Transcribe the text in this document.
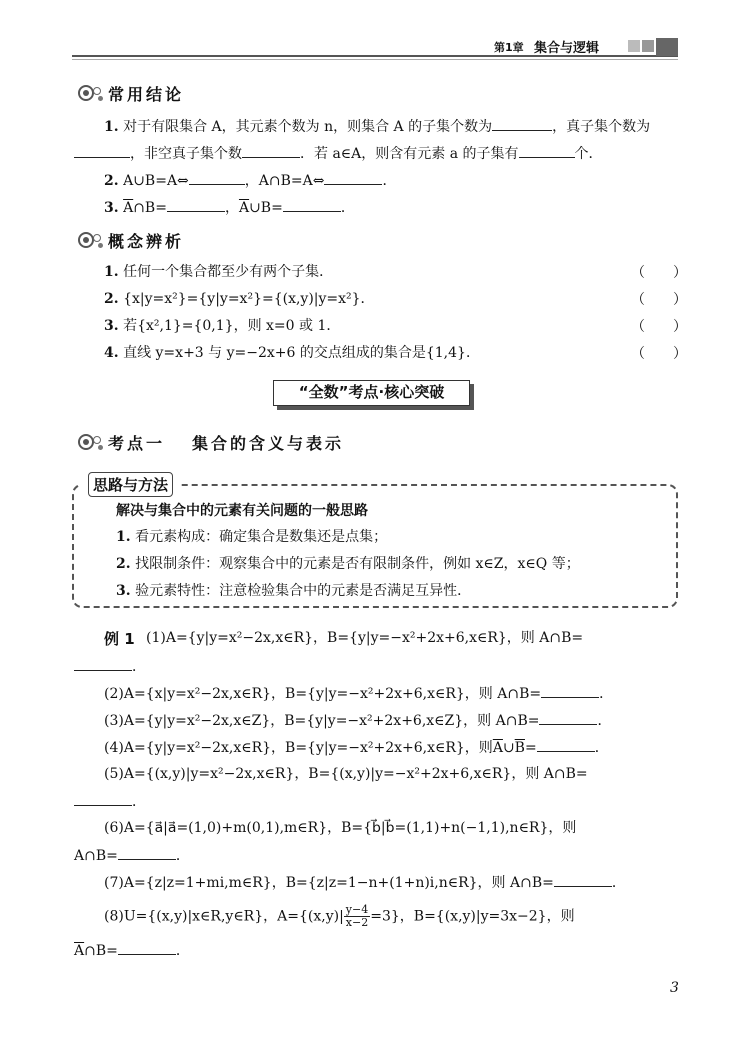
第1章 集合与逻辑
常用结论
1. 对于有限集合 A，其元素个数为 n，则集合 A 的子集个数为	，真子集个数为
，非空真子集个数	．若 a∈A，则含有元素 a 的子集有	个．
2. A∪B=A⇔	，A∩B=A⇔	．
3. $\overline{A}\cap B=$	，$\overline{A}\cup B=$	．
概念辨析
1. 任何一个集合都至少有两个子集．	（　　）
2. {x|y=x²}={y|y=x²}={(x,y)|y=x²}．	（　　）
3. 若{x²,1}={0,1}，则 x=0 或 1．	（　　）
4. 直线 y=x+3 与 y=−2x+6 的交点组成的集合是{1,4}．	（　　）
“全数”考点·核心突破
考点一 集合的含义与表示
思路与方法
解决与集合中的元素有关问题的一般思路
1. 看元素构成：确定集合是数集还是点集；
2. 找限制条件：观察集合中的元素是否有限制条件，例如 x∈Z，x∈Q 等；
3. 验元素特性：注意检验集合中的元素是否满足互异性．
例 1 (1)A={y|y=x²−2x,x∈R}，B={y|y=−x²+2x+6,x∈R}，则 A∩B=
．
(2)A={x|y=x²−2x,x∈R}，B={y|y=−x²+2x+6,x∈R}，则 A∩B=	．
(3)A={y|y=x²−2x,x∈Z}，B={y|y=−x²+2x+6,x∈Z}，则 A∩B=	．
(4)A={y|y=x²−2x,x∈R}，B={y|y=−x²+2x+6,x∈R}，则$\overline{A}\cup\overline{B}=$	．
(5)A={(x,y)|y=x²−2x,x∈R}，B={(x,y)|y=−x²+2x+6,x∈R}，则 A∩B=
．
(6)A={a⃗|a⃗=(1,0)+m(0,1),m∈R}，B={b⃗|b⃗=(1,1)+n(−1,1),n∈R}，则
A∩B=	．
(7)A={z|z=1+mi,m∈R}，B={z|z=1−n+(1+n)i,n∈R}，则 A∩B=	．
(8)U={(x,y)|x∈R,y∈R}，$A=\{(x,y)| \frac{y-4}{x-2} =3\}$，B={(x,y)|y=3x−2}，则
$\overline{A}\cap B=$	．
3
